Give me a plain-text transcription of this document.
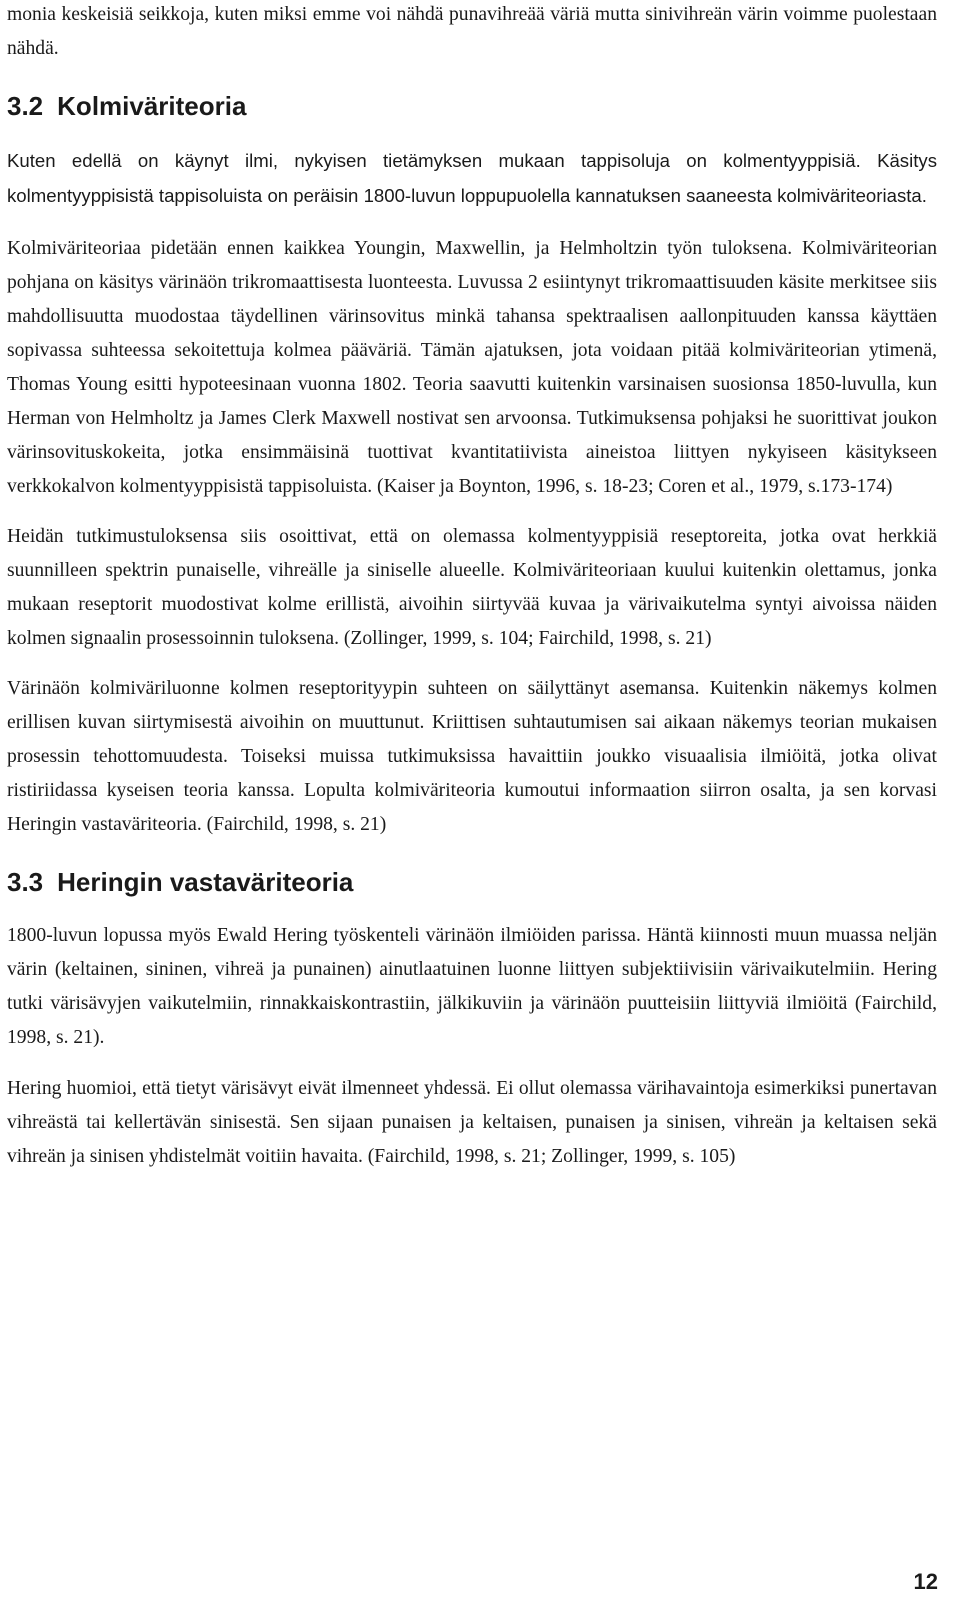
monia keskeisiä seikkoja, kuten miksi emme voi nähdä punavihreää väriä mutta sinivihreän värin voimme puolestaan nähdä.

3.2 Kolmiväriteoria

Kuten edellä on käynyt ilmi, nykyisen tietämyksen mukaan tappisoluja on kolmentyyppisiä. Käsitys kolmentyyppisistä tappisoluista on peräisin 1800-luvun loppupuolella kannatuksen saaneesta kolmiväriteoriasta.

Kolmiväriteoriaa pidetään ennen kaikkea Youngin, Maxwellin, ja Helmholtzin työn tuloksena. Kolmiväriteorian pohjana on käsitys värinäön trikromaattisesta luonteesta. Luvussa 2 esiintynyt trikromaattisuuden käsite merkitsee siis mahdollisuutta muodostaa täydellinen värinsovitus minkä tahansa spektraalisen aallonpituuden kanssa käyttäen sopivassa suhteessa sekoitettuja kolmea pääväriä. Tämän ajatuksen, jota voidaan pitää kolmiväriteorian ytimenä, Thomas Young esitti hypoteesinaan vuonna 1802. Teoria saavutti kuitenkin varsinaisen suosionsa 1850-luvulla, kun Herman von Helmholtz ja James Clerk Maxwell nostivat sen arvoonsa. Tutkimuksensa pohjaksi he suorittivat joukon värinsovituskokeita, jotka ensimmäisinä tuottivat kvantitatiivista aineistoa liittyen nykyiseen käsitykseen verkkokalvon kolmentyyppisistä tappisoluista. (Kaiser ja Boynton, 1996, s. 18-23; Coren et al., 1979, s.173-174)

Heidän tutkimustuloksensa siis osoittivat, että on olemassa kolmentyyppisiä reseptoreita, jotka ovat herkkiä suunnilleen spektrin punaiselle, vihreälle ja siniselle alueelle. Kolmiväriteoriaan kuului kuitenkin olettamus, jonka mukaan reseptorit muodostivat kolme erillistä, aivoihin siirtyvää kuvaa ja värivaikutelma syntyi aivoissa näiden kolmen signaalin prosessoinnin tuloksena. (Zollinger, 1999, s. 104; Fairchild, 1998, s. 21)

Värinäön kolmiväriluonne kolmen reseptorityypin suhteen on säilyttänyt asemansa. Kuitenkin näkemys kolmen erillisen kuvan siirtymisestä aivoihin on muuttunut. Kriittisen suhtautumisen sai aikaan näkemys teorian mukaisen prosessin tehottomuudesta. Toiseksi muissa tutkimuksissa havaittiin joukko visuaalisia ilmiöitä, jotka olivat ristiriidassa kyseisen teoria kanssa. Lopulta kolmiväriteoria kumoutui informaation siirron osalta, ja sen korvasi Heringin vastaväriteoria. (Fairchild, 1998, s. 21)

3.3 Heringin vastaväriteoria

1800-luvun lopussa myös Ewald Hering työskenteli värinäön ilmiöiden parissa. Häntä kiinnosti muun muassa neljän värin (keltainen, sininen, vihreä ja punainen) ainutlaatuinen luonne liittyen subjektiivisiin värivaikutelmiin. Hering tutki värisävyjen vaikutelmiin, rinnakkaiskontrastiin, jälkikuviin ja värinäön puutteisiin liittyviä ilmiöitä (Fairchild, 1998, s. 21).

Hering huomioi, että tietyt värisävyt eivät ilmenneet yhdessä. Ei ollut olemassa värihavaintoja esimerkiksi punertavan vihreästä tai kellertävän sinisestä. Sen sijaan punaisen ja keltaisen, punaisen ja sinisen, vihreän ja keltaisen sekä vihreän ja sinisen yhdistelmät voitiin havaita. (Fairchild, 1998, s. 21; Zollinger, 1999, s. 105)

12
